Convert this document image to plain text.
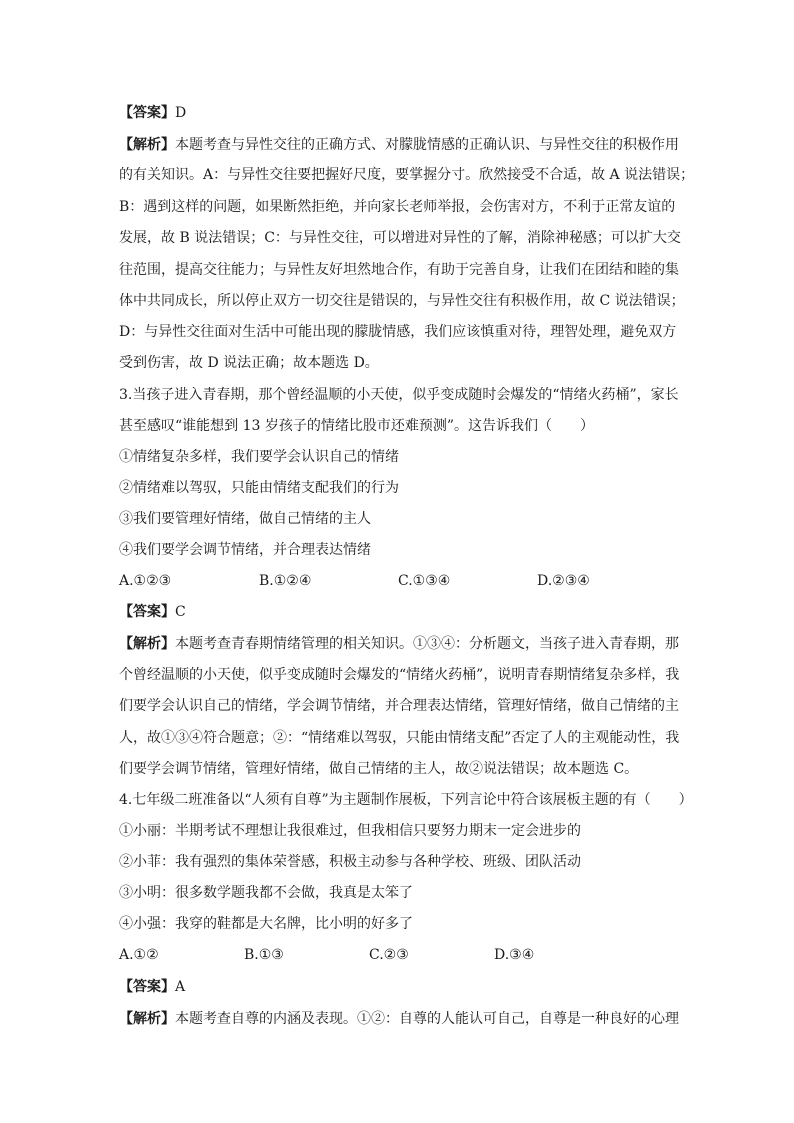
【答案】D
【解析】本题考查与异性交往的正确方式、对朦胧情感的正确认识、与异性交往的积极作用
的有关知识。A：与异性交往要把握好尺度，要掌握分寸。欣然接受不合适，故 A 说法错误；
B：遇到这样的问题，如果断然拒绝，并向家长老师举报，会伤害对方，不利于正常友谊的
发展，故 B 说法错误；C：与异性交往，可以增进对异性的了解，消除神秘感；可以扩大交
往范围，提高交往能力；与异性友好坦然地合作，有助于完善自身，让我们在团结和睦的集
体中共同成长，所以停止双方一切交往是错误的，与异性交往有积极作用，故 C 说法错误；
D：与异性交往面对生活中可能出现的朦胧情感，我们应该慎重对待，理智处理，避免双方
受到伤害，故 D 说法正确；故本题选 D。
3.当孩子进入青春期，那个曾经温顺的小天使，似乎变成随时会爆发的“情绪火药桶”，家长
甚至感叹“谁能想到 13 岁孩子的情绪比股市还难预测”。这告诉我们（　　）
①情绪复杂多样，我们要学会认识自己的情绪
②情绪难以驾驭，只能由情绪支配我们的行为
③我们要管理好情绪，做自己情绪的主人
④我们要学会调节情绪，并合理表达情绪
A.①②③	B.①②④	C.①③④	D.②③④
【答案】C
【解析】本题考查青春期情绪管理的相关知识。①③④：分析题文，当孩子进入青春期，那
个曾经温顺的小天使，似乎变成随时会爆发的“情绪火药桶”，说明青春期情绪复杂多样，我
们要学会认识自己的情绪，学会调节情绪，并合理表达情绪，管理好情绪，做自己情绪的主
人，故①③④符合题意；②：“情绪难以驾驭，只能由情绪支配”否定了人的主观能动性，我
们要学会调节情绪，管理好情绪，做自己情绪的主人，故②说法错误；故本题选 C。
4.七年级二班准备以“人须有自尊”为主题制作展板，下列言论中符合该展板主题的有（　　）
①小丽：半期考试不理想让我很难过，但我相信只要努力期末一定会进步的
②小菲：我有强烈的集体荣誉感，积极主动参与各种学校、班级、团队活动
③小明：很多数学题我都不会做，我真是太笨了
④小强：我穿的鞋都是大名牌，比小明的好多了
A.①②	B.①③	C.②③	D.③④
【答案】A
【解析】本题考查自尊的内涵及表现。①②：自尊的人能认可自己，自尊是一种良好的心理
